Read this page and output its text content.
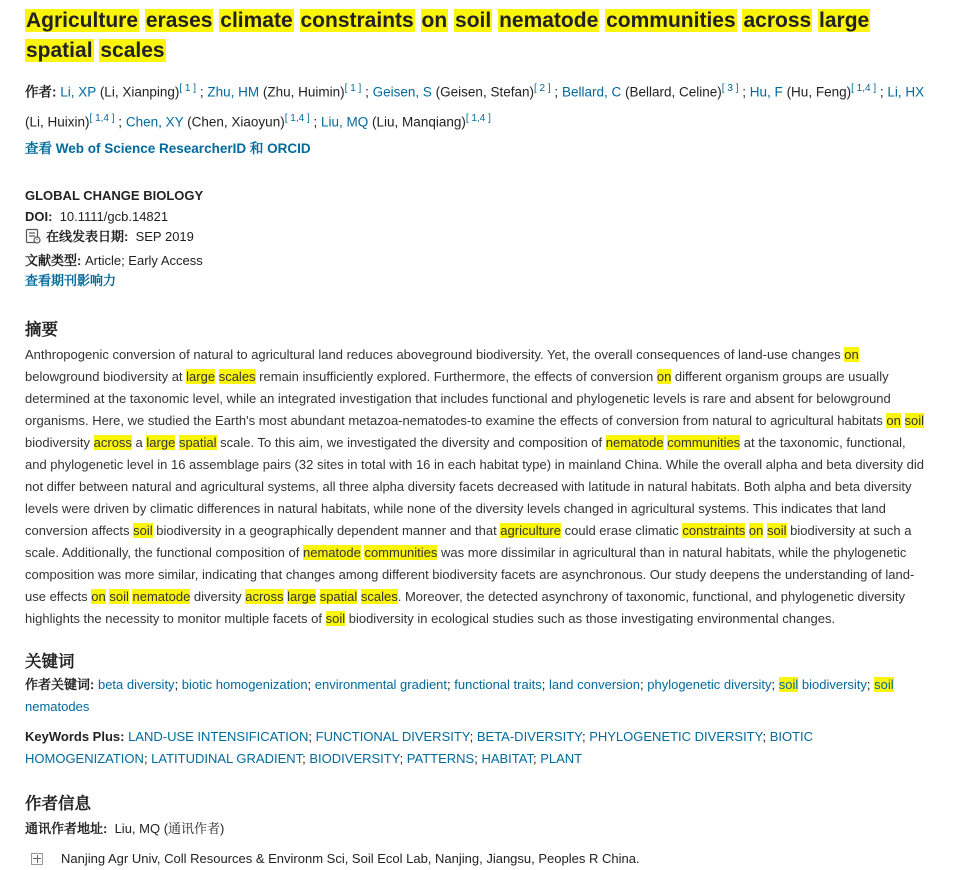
Agriculture erases climate constraints on soil nematode communities across large spatial scales
作者: Li, XP (Li, Xianping)[ 1 ] ; Zhu, HM (Zhu, Huimin)[ 1 ] ; Geisen, S (Geisen, Stefan)[ 2 ] ; Bellard, C (Bellard, Celine)[ 3 ] ; Hu, F (Hu, Feng)[ 1,4 ] ; Li, HX (Li, Huixin)[ 1,4 ] ; Chen, XY (Chen, Xiaoyun)[ 1,4 ] ; Liu, MQ (Liu, Manqiang)[ 1,4 ]
查看 Web of Science ResearcherID 和 ORCID
GLOBAL CHANGE BIOLOGY
DOI: 10.1111/gcb.14821
在线发表日期: SEP 2019
文献类型: Article; Early Access
查看期刊影响力
摘要
Anthropogenic conversion of natural to agricultural land reduces aboveground biodiversity. Yet, the overall consequences of land-use changes on belowground biodiversity at large scales remain insufficiently explored. Furthermore, the effects of conversion on different organism groups are usually determined at the taxonomic level, while an integrated investigation that includes functional and phylogenetic levels is rare and absent for belowground organisms. Here, we studied the Earth's most abundant metazoa-nematodes-to examine the effects of conversion from natural to agricultural habitats on soil biodiversity across a large spatial scale. To this aim, we investigated the diversity and composition of nematode communities at the taxonomic, functional, and phylogenetic level in 16 assemblage pairs (32 sites in total with 16 in each habitat type) in mainland China. While the overall alpha and beta diversity did not differ between natural and agricultural systems, all three alpha diversity facets decreased with latitude in natural habitats. Both alpha and beta diversity levels were driven by climatic differences in natural habitats, while none of the diversity levels changed in agricultural systems. This indicates that land conversion affects soil biodiversity in a geographically dependent manner and that agriculture could erase climatic constraints on soil biodiversity at such a scale. Additionally, the functional composition of nematode communities was more dissimilar in agricultural than in natural habitats, while the phylogenetic composition was more similar, indicating that changes among different biodiversity facets are asynchronous. Our study deepens the understanding of land-use effects on soil nematode diversity across large spatial scales. Moreover, the detected asynchrony of taxonomic, functional, and phylogenetic diversity highlights the necessity to monitor multiple facets of soil biodiversity in ecological studies such as those investigating environmental changes.
关键词
作者关键词: beta diversity; biotic homogenization; environmental gradient; functional traits; land conversion; phylogenetic diversity; soil biodiversity; soil nematodes
KeyWords Plus: LAND-USE INTENSIFICATION; FUNCTIONAL DIVERSITY; BETA-DIVERSITY; PHYLOGENETIC DIVERSITY; BIOTIC HOMOGENIZATION; LATITUDINAL GRADIENT; BIODIVERSITY; PATTERNS; HABITAT; PLANT
作者信息
通讯作者地址: Liu, MQ (通讯作者)
Nanjing Agr Univ, Coll Resources & Environm Sci, Soil Ecol Lab, Nanjing, Jiangsu, Peoples R China.
